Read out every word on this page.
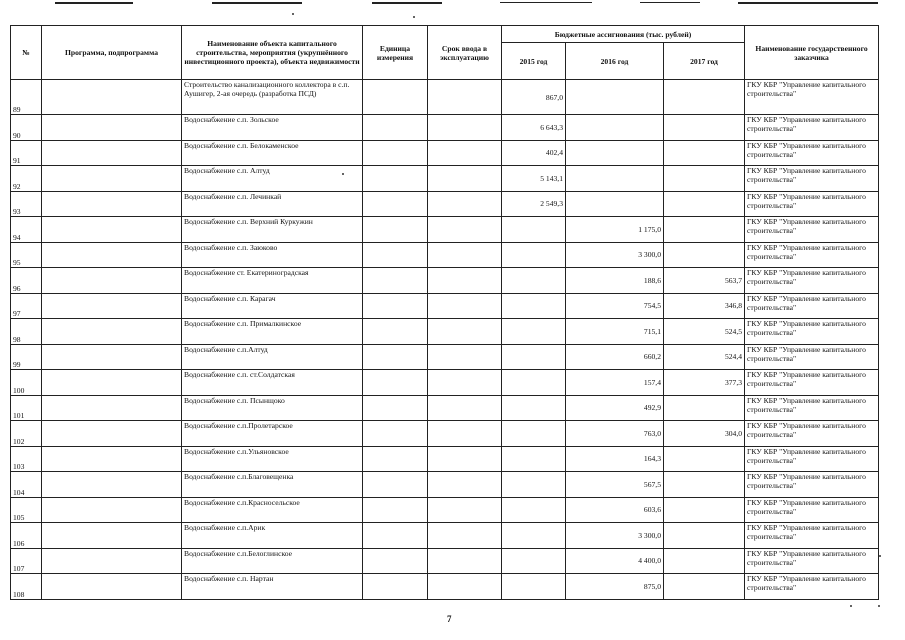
№	Программа, подпрограмма	Наименование объекта капитального строительства, мероприятия (укрупнённого инвестиционного проекта), объекта недвижимости	Единица измерения	Срок ввода в эксплуатацию	Бюджетные ассигнования (тыс. рублей)			Наименование государственного заказчика
					2015 год	2016 год	2017 год	
89		Строительство канализационного коллектора в с.п. Аушигер, 2-ая очередь (разработка ПСД)			867,0			ГКУ КБР "Управление капитального строительства"
90		Водоснабжение с.п. Зольское			6 643,3			ГКУ КБР "Управление капитального строительства"
91		Водоснабжение с.п. Белокаменское			402,4			ГКУ КБР "Управление капитального строительства"
92		Водоснабжение с.п. Алтуд			5 143,1			ГКУ КБР "Управление капитального строительства"
93		Водоснабжение с.п. Лечинкай			2 549,3			ГКУ КБР "Управление капитального строительства"
94		Водоснабжение с.п. Верхний Куркужин				1 175,0		ГКУ КБР "Управление капитального строительства"
95		Водоснабжение с.п. Заюково				3 300,0		ГКУ КБР "Управление капитального строительства"
96		Водоснабжение ст. Екатериноградская				188,6	563,7	ГКУ КБР "Управление капитального строительства"
97		Водоснабжение с.п. Карагач				754,5	346,8	ГКУ КБР "Управление капитального строительства"
98		Водоснабжение с.п. Прималкинское				715,1	524,5	ГКУ КБР "Управление капитального строительства"
99		Водоснабжение с.п.Алтуд				660,2	524,4	ГКУ КБР "Управление капитального строительства"
100		Водоснабжение с.п. ст.Солдатская				157,4	377,3	ГКУ КБР "Управление капитального строительства"
101		Водоснабжение с.п. Псынщоко				492,9		ГКУ КБР "Управление капитального строительства"
102		Водоснабжение с.п.Пролетарское				763,0	304,0	ГКУ КБР "Управление капитального строительства"
103		Водоснабжение с.п.Ульяновское				164,3		ГКУ КБР "Управление капитального строительства"
104		Водоснабжение с.п.Благовещенка				567,5		ГКУ КБР "Управление капитального строительства"
105		Водоснабжение с.п.Красносельское				603,6		ГКУ КБР "Управление капитального строительства"
106		Водоснабжение с.п.Арик				3 300,0		ГКУ КБР "Управление капитального строительства"
107		Водоснабжение с.п.Белоглинское				4 400,0		ГКУ КБР "Управление капитального строительства"
108		Водоснабжение с.п. Нартан				875,0		ГКУ КБР "Управление капитального строительства"
7
